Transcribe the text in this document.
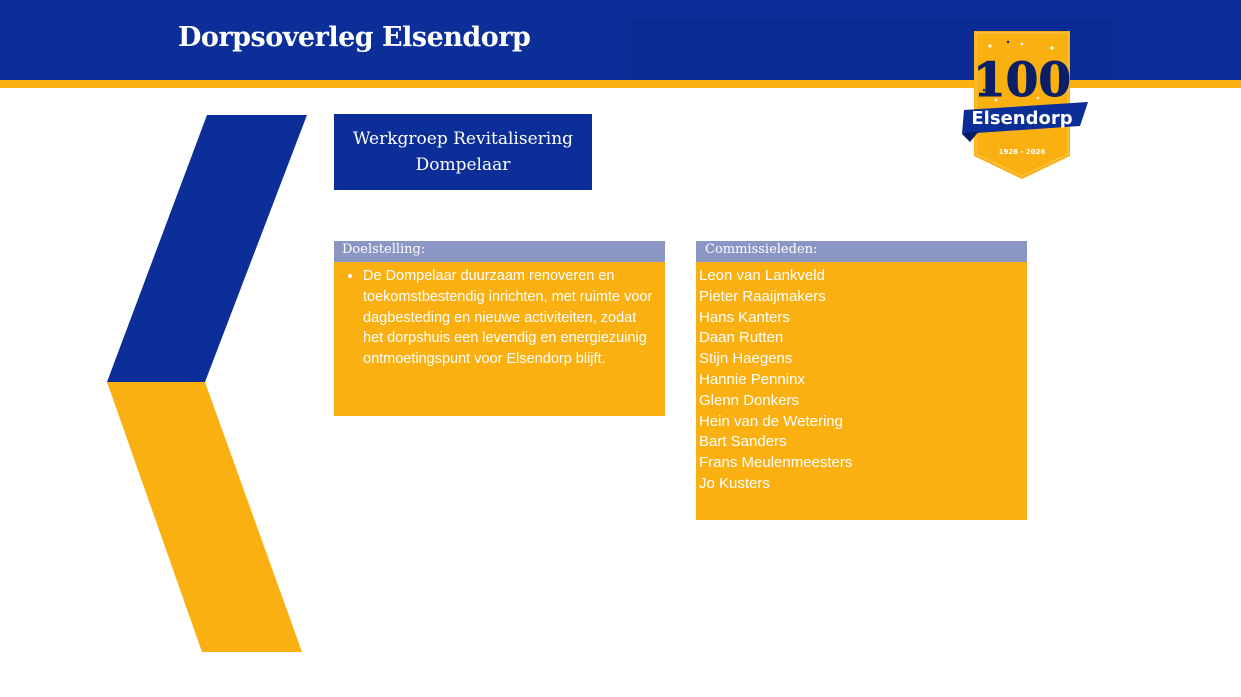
Dorpsoverleg Elsendorp
100
Elsendorp
1926 - 2026
Werkgroep Revitalisering
Dompelaar
Doelstelling:
• De Dompelaar duurzaam renoveren en toekomstbestendig inrichten, met ruimte voor dagbesteding en nieuwe activiteiten, zodat het dorpshuis een levendig en energiezuinig ontmoetingspunt voor Elsendorp blijft.
Commissieleden:
Leon van Lankveld
Pieter Raaijmakers
Hans Kanters
Daan Rutten
Stijn Haegens
Hannie Penninx
Glenn Donkers
Hein van de Wetering
Bart Sanders
Frans Meulenmeesters
Jo Kusters
